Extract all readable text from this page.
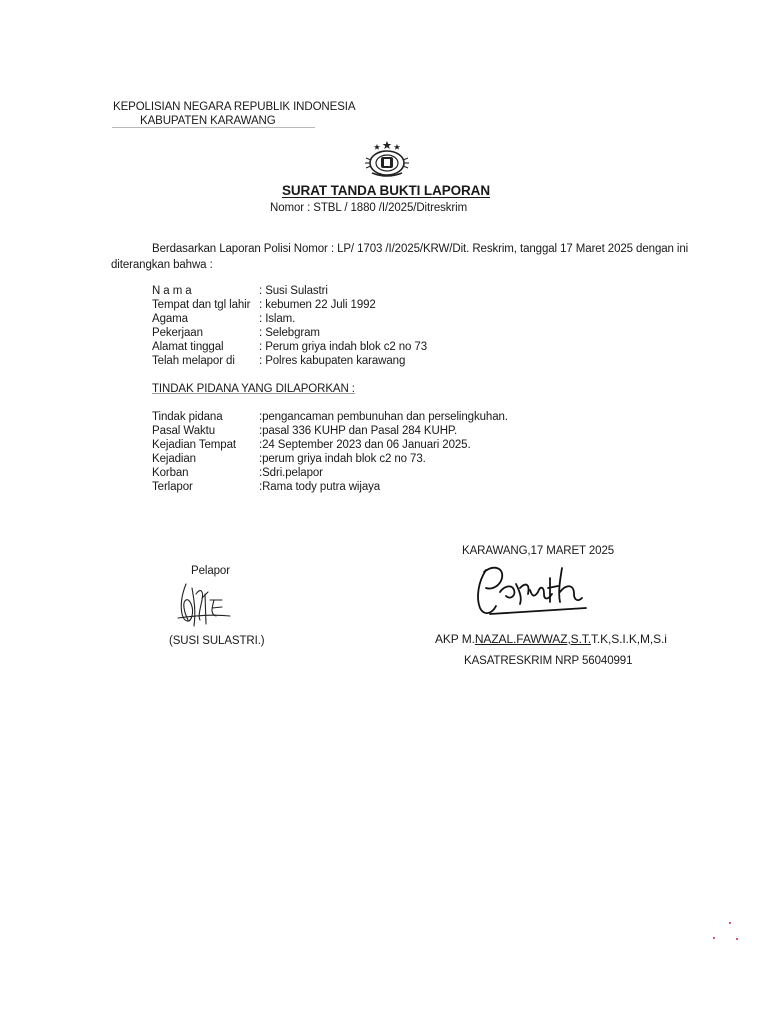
KEPOLISIAN NEGARA REPUBLIK INDONESIA
KABUPATEN KARAWANG
SURAT TANDA BUKTI LAPORAN
Nomor : STBL / 1880 /I/2025/Ditreskrim
Berdasarkan Laporan Polisi Nomor : LP/ 1703 /I/2025/KRW/Dit. Reskrim, tanggal 17 Maret 2025 dengan ini
diterangkan bahwa :
N a m a	: Susi Sulastri
Tempat dan tgl lahir : kebumen 22 Juli 1992
Agama	: Islam.
Pekerjaan	: Selebgram
Alamat tinggal	: Perum griya indah blok c2 no 73
Telah melapor di : Polres kabupaten karawang
TINDAK PIDANA YANG DILAPORKAN :
Tindak pidana	:pengancaman pembunuhan dan perselingkuhan.
Pasal Waktu	:pasal 336 KUHP dan Pasal 284 KUHP.
Kejadian Tempat :24 September 2023 dan 06 Januari 2025.
Kejadian	:perum griya indah blok c2 no 73.
Korban	:Sdri.pelapor
Terlapor	:Rama tody putra wijaya
KARAWANG,17 MARET 2025
Pelapor
(SUSI SULASTRI.)	AKP M.NAZAL.FAWWAZ,S.T.T.K,S.I.K,M,S.i
KASATRESKRIM NRP 56040991
